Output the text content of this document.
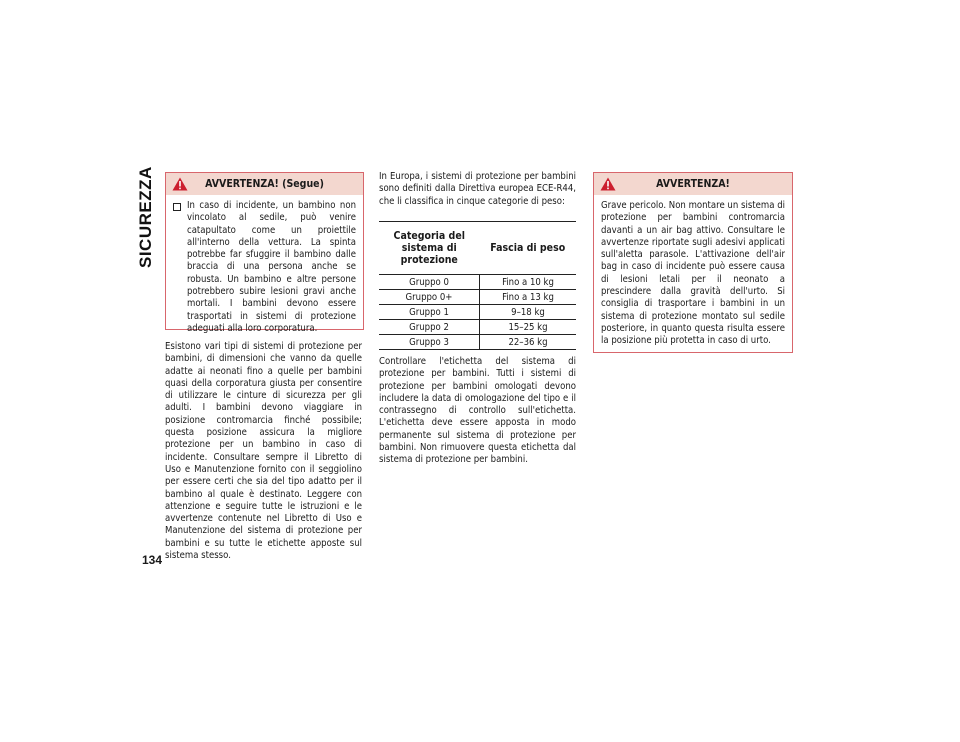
SICUREZZA
134
AVVERTENZA! (Segue)
In caso di incidente, un bambino non vincolato al sedile, può venire catapultato come un proiettile all'interno della vettura. La spinta potrebbe far sfuggire il bambino dalle braccia di una persona anche se robusta. Un bambino e altre persone potrebbero subire lesioni gravi anche mortali. I bambini devono essere trasportati in sistemi di protezione adeguati alla loro corporatura.
Esistono vari tipi di sistemi di protezione per bambini, di dimensioni che vanno da quelle adatte ai neonati fino a quelle per bambini quasi della corporatura giusta per consentire di utilizzare le cinture di sicurezza per gli adulti. I bambini devono viaggiare in posizione contromarcia finché possibile; questa posizione assicura la migliore protezione per un bambino in caso di incidente. Consultare sempre il Libretto di Uso e Manutenzione fornito con il seggiolino per essere certi che sia del tipo adatto per il bambino al quale è destinato. Leggere con attenzione e seguire tutte le istruzioni e le avvertenze contenute nel Libretto di Uso e Manutenzione del sistema di protezione per bambini e su tutte le etichette apposte sul sistema stesso.
In Europa, i sistemi di protezione per bambini sono definiti dalla Direttiva europea ECE-R44, che li classifica in cinque categorie di peso:
Categoria del sistema di protezione	Fascia di peso
Gruppo 0	Fino a 10 kg
Gruppo 0+	Fino a 13 kg
Gruppo 1	9–18 kg
Gruppo 2	15–25 kg
Gruppo 3	22–36 kg
Controllare l'etichetta del sistema di protezione per bambini. Tutti i sistemi di protezione per bambini omologati devono includere la data di omologazione del tipo e il contrassegno di controllo sull'etichetta. L'etichetta deve essere apposta in modo permanente sul sistema di protezione per bambini. Non rimuovere questa etichetta dal sistema di protezione per bambini.
AVVERTENZA!
Grave pericolo. Non montare un sistema di protezione per bambini contromarcia davanti a un air bag attivo. Consultare le avvertenze riportate sugli adesivi applicati sull'aletta parasole. L'attivazione dell'air bag in caso di incidente può essere causa di lesioni letali per il neonato a prescindere dalla gravità dell'urto. Si consiglia di trasportare i bambini in un sistema di protezione montato sul sedile posteriore, in quanto questa risulta essere la posizione più protetta in caso di urto.
